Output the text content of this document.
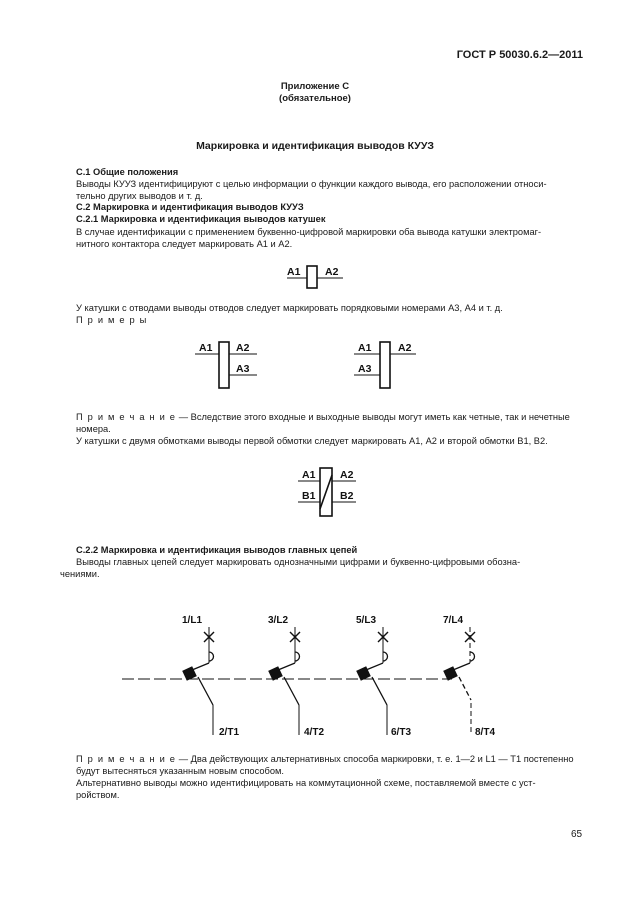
ГОСТ Р 50030.6.2—2011
Приложение С
(обязательное)
Маркировка и идентификация выводов КУУЗ
С.1 Общие положения
Выводы КУУЗ идентифицируют с целью информации о функции каждого вывода, его расположении относи-
тельно других выводов и т. д.
С.2 Маркировка и идентификация выводов КУУЗ
С.2.1 Маркировка и идентификация выводов катушек
В случае идентификации с применением буквенно-цифровой маркировки оба вывода катушки электромаг-
нитного контактора следует маркировать А1 и А2.
А1 А2
У катушки с отводами выводы отводов следует маркировать порядковыми номерами А3, А4 и т. д.
П р и м е р ы
А1 А2
А3
А1	А2
А3
П р и м е ч а н и е — Вследствие этого входные и выходные выводы могут иметь как четные, так и нечетные
номера.
У катушки с двумя обмотками выводы первой обмотки следует маркировать А1, А2 и второй обмотки В1, В2.
А1
В1
А2
В2
С.2.2 Маркировка и идентификация выводов главных цепей
Выводы главных цепей следует маркировать однозначными цифрами и буквенно-цифровыми обозна-
чениями.
1/L1
2/T1
3/L2
4/T2
5/L3
6/T3
7/L4
8/T4
П р и м е ч а н и е — Два действующих альтернативных способа маркировки, т. е. 1—2 и L1 — Т1 постепенно
будут вытесняться указанным новым способом.
Альтернативно выводы можно идентифицировать на коммутационной схеме, поставляемой вместе с уст-
ройством.
65
